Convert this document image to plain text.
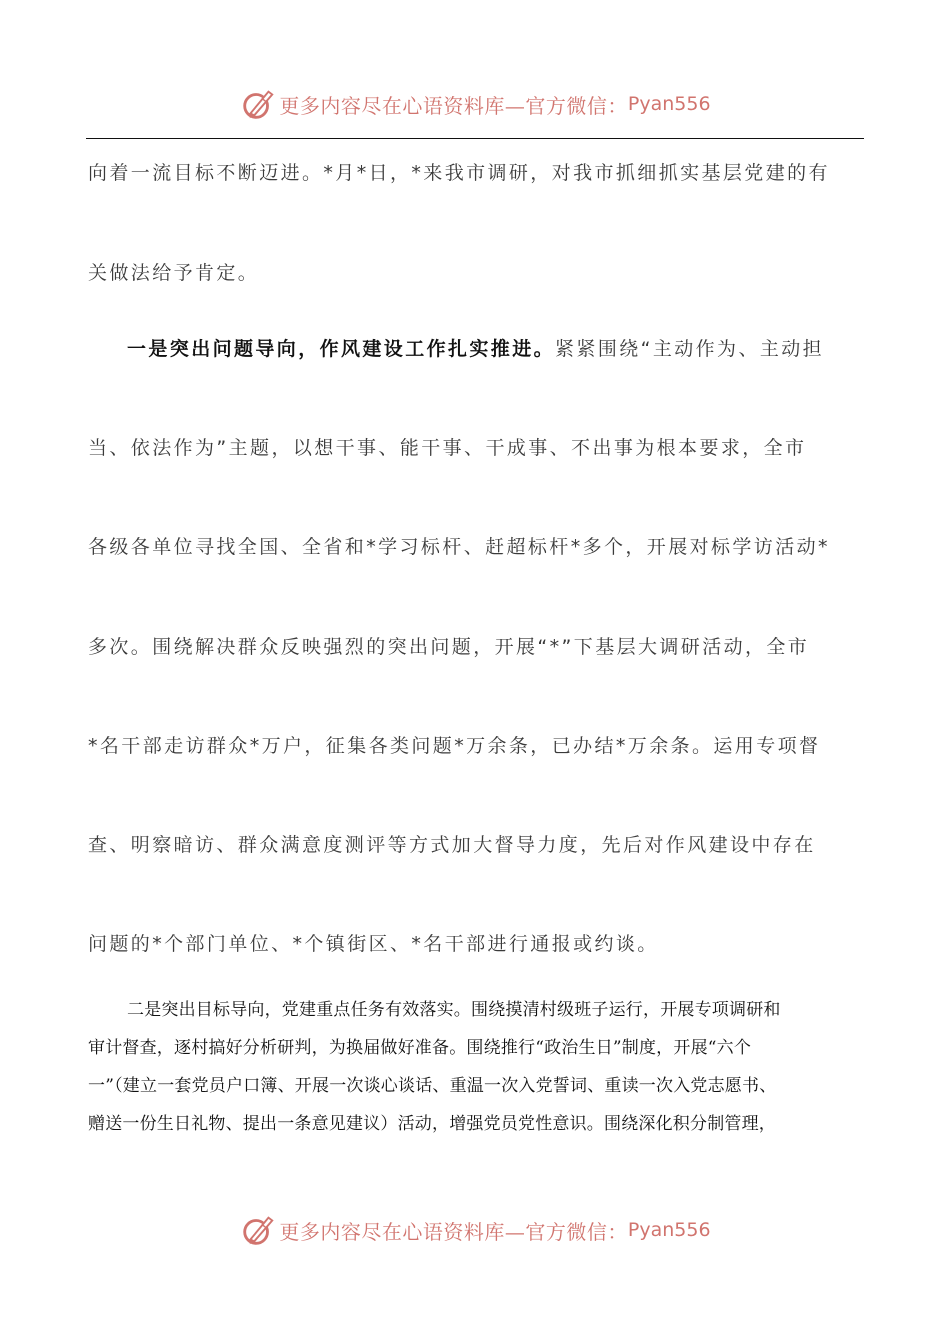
更多内容尽在心语资料库—官方微信： Pyan556

向着一流目标不断迈进。*月*日，*来我市调研，对我市抓细抓实基层党建的有

关做法给予肯定。

一是突出问题导向，作风建设工作扎实推进。紧紧围绕“主动作为、主动担

当、依法作为”主题，以想干事、能干事、干成事、不出事为根本要求，全市

各级各单位寻找全国、全省和*学习标杆、赶超标杆*多个，开展对标学访活动*

多次。围绕解决群众反映强烈的突出问题，开展“*”下基层大调研活动，全市

*名干部走访群众*万户，征集各类问题*万余条，已办结*万余条。运用专项督

查、明察暗访、群众满意度测评等方式加大督导力度，先后对作风建设中存在

问题的*个部门单位、*个镇街区、*名干部进行通报或约谈。

二是突出目标导向，党建重点任务有效落实。围绕摸清村级班子运行，开展专项调研和

审计督查，逐村搞好分析研判，为换届做好准备。围绕推行“政治生日”制度，开展“六个

一”（建立一套党员户口簿、开展一次谈心谈话、重温一次入党誓词、重读一次入党志愿书、

赠送一份生日礼物、提出一条意见建议）活动，增强党员党性意识。围绕深化积分制管理，

更多内容尽在心语资料库—官方微信： Pyan556
